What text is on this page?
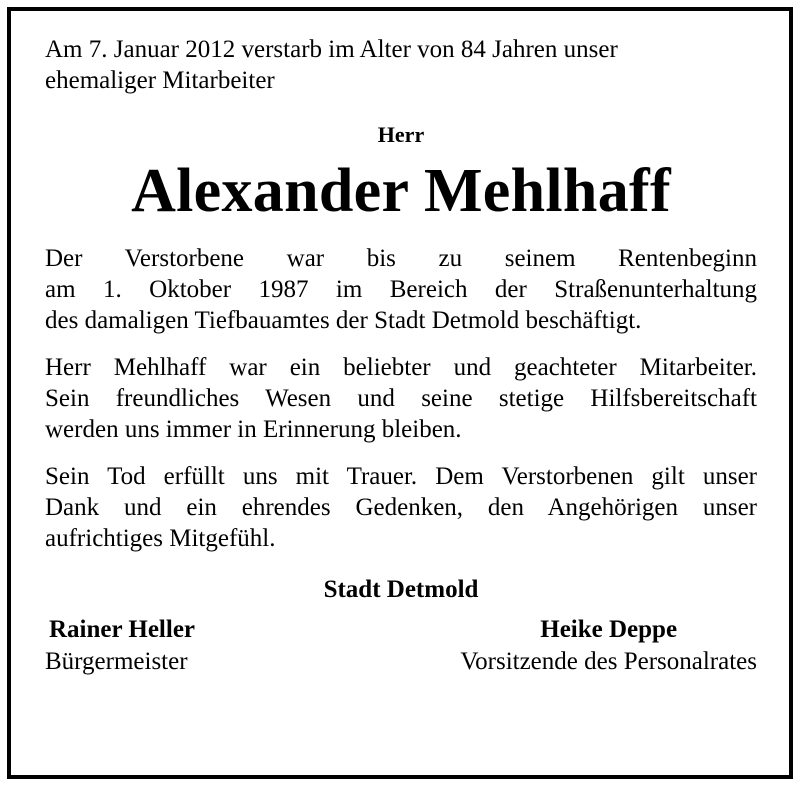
Am 7. Januar 2012 verstarb im Alter von 84 Jahren unser
ehemaliger Mitarbeiter

Herr
Alexander Mehlhaff

Der Verstorbene war bis zu seinem Rentenbeginn
am 1. Oktober 1987 im Bereich der Straßenunterhaltung
des damaligen Tiefbauamtes der Stadt Detmold beschäftigt.

Herr Mehlhaff war ein beliebter und geachteter Mitarbeiter.
Sein freundliches Wesen und seine stetige Hilfsbereitschaft
werden uns immer in Erinnerung bleiben.

Sein Tod erfüllt uns mit Trauer. Dem Verstorbenen gilt unser
Dank und ein ehrendes Gedenken, den Angehörigen unser
aufrichtiges Mitgefühl.

Stadt Detmold
Rainer Heller
Bürgermeister
Heike Deppe
Vorsitzende des Personalrates
